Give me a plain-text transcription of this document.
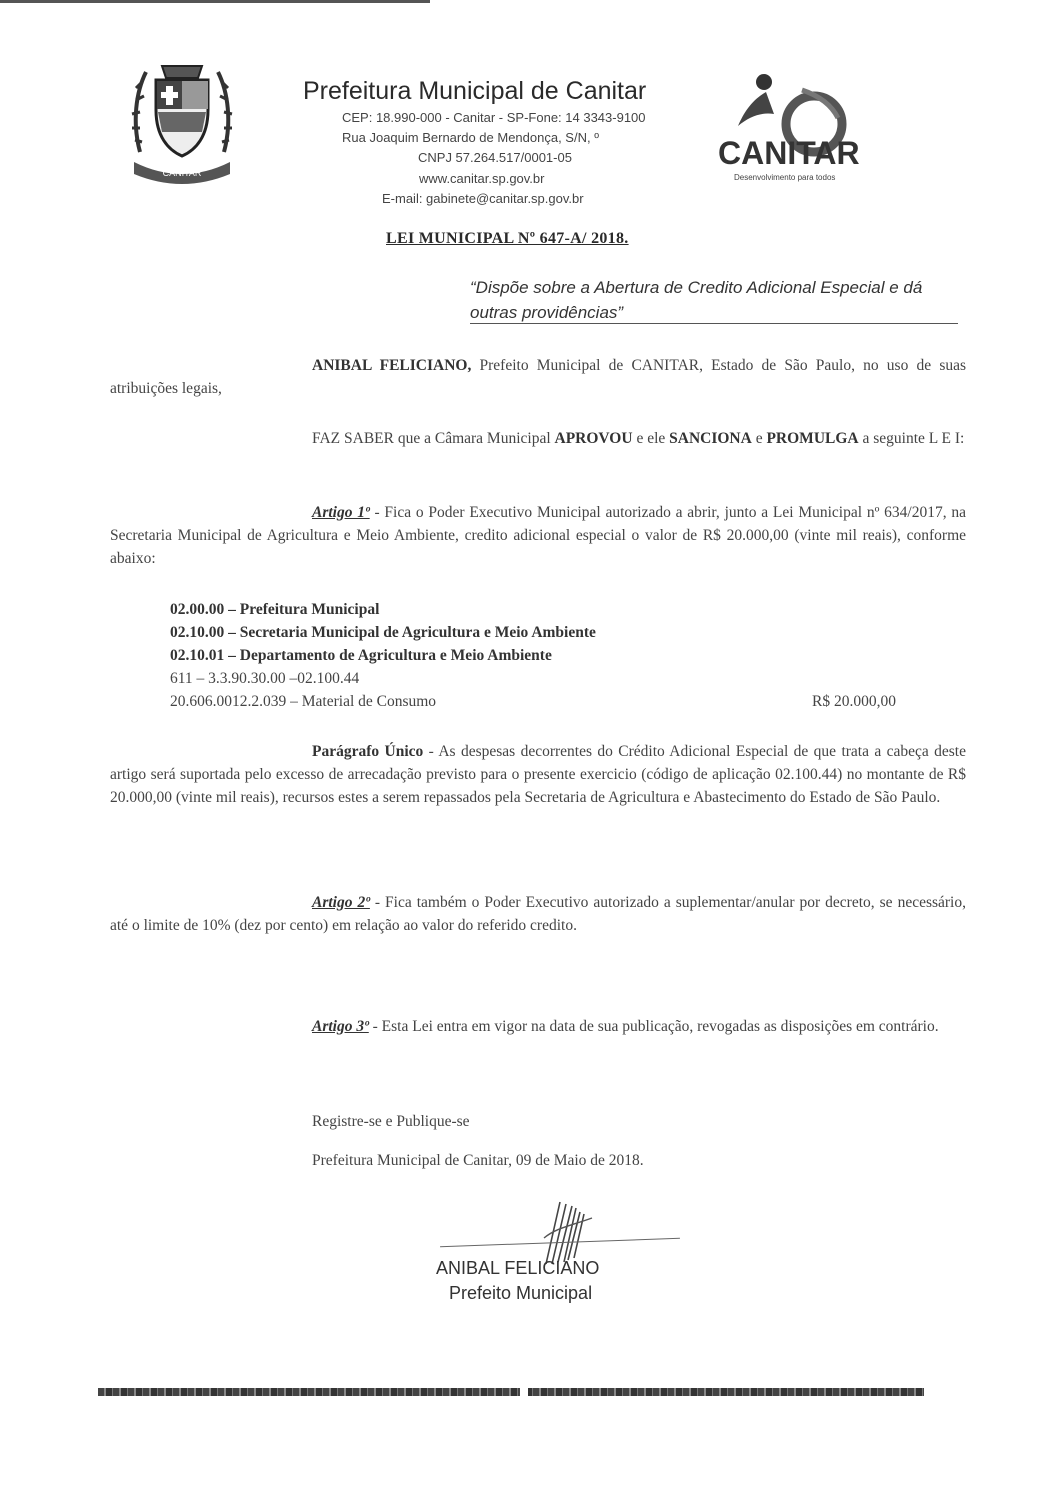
CANITAR
Prefeitura Municipal de Canitar
CEP: 18.990-000 - Canitar - SP-Fone: 14 3343-9100
Rua Joaquim Bernardo de Mendonça, S/N, º
CNPJ 57.264.517/0001-05
www.canitar.sp.gov.br
E-mail: gabinete@canitar.sp.gov.br
CANITAR
Desenvolvimento para todos
LEI MUNICIPAL Nº 647-A/ 2018.
“Dispõe sobre a Abertura de Credito Adicional Especial e dá outras providências”
ANIBAL FELICIANO, Prefeito Municipal de CANITAR, Estado de São Paulo, no uso de suas atribuições legais,
FAZ SABER que a Câmara Municipal APROVOU e ele SANCIONA e PROMULGA a seguinte L E I:
Artigo 1º - Fica o Poder Executivo Municipal autorizado a abrir, junto a Lei Municipal nº 634/2017, na Secretaria Municipal de Agricultura e Meio Ambiente, credito adicional especial o valor de R$ 20.000,00 (vinte mil reais), conforme abaixo:
02.00.00 – Prefeitura Municipal
02.10.00 – Secretaria Municipal de Agricultura e Meio Ambiente
02.10.01 – Departamento de Agricultura e Meio Ambiente
611 – 3.3.90.30.00 –02.100.44
20.606.0012.2.039 – Material de Consumo	R$ 20.000,00
Parágrafo Único - As despesas decorrentes do Crédito Adicional Especial de que trata a cabeça deste artigo será suportada pelo excesso de arrecadação previsto para o presente exercicio (código de aplicação 02.100.44) no montante de R$ 20.000,00 (vinte mil reais), recursos estes a serem repassados pela Secretaria de Agricultura e Abastecimento do Estado de São Paulo.
Artigo 2º - Fica também o Poder Executivo autorizado a suplementar/anular por decreto, se necessário, até o limite de 10% (dez por cento) em relação ao valor do referido credito.
Artigo 3º - Esta Lei entra em vigor na data de sua publicação, revogadas as disposições em contrário.
Registre-se e Publique-se
Prefeitura Municipal de Canitar, 09 de Maio de 2018.
ANIBAL FELICIANO
Prefeito Municipal
